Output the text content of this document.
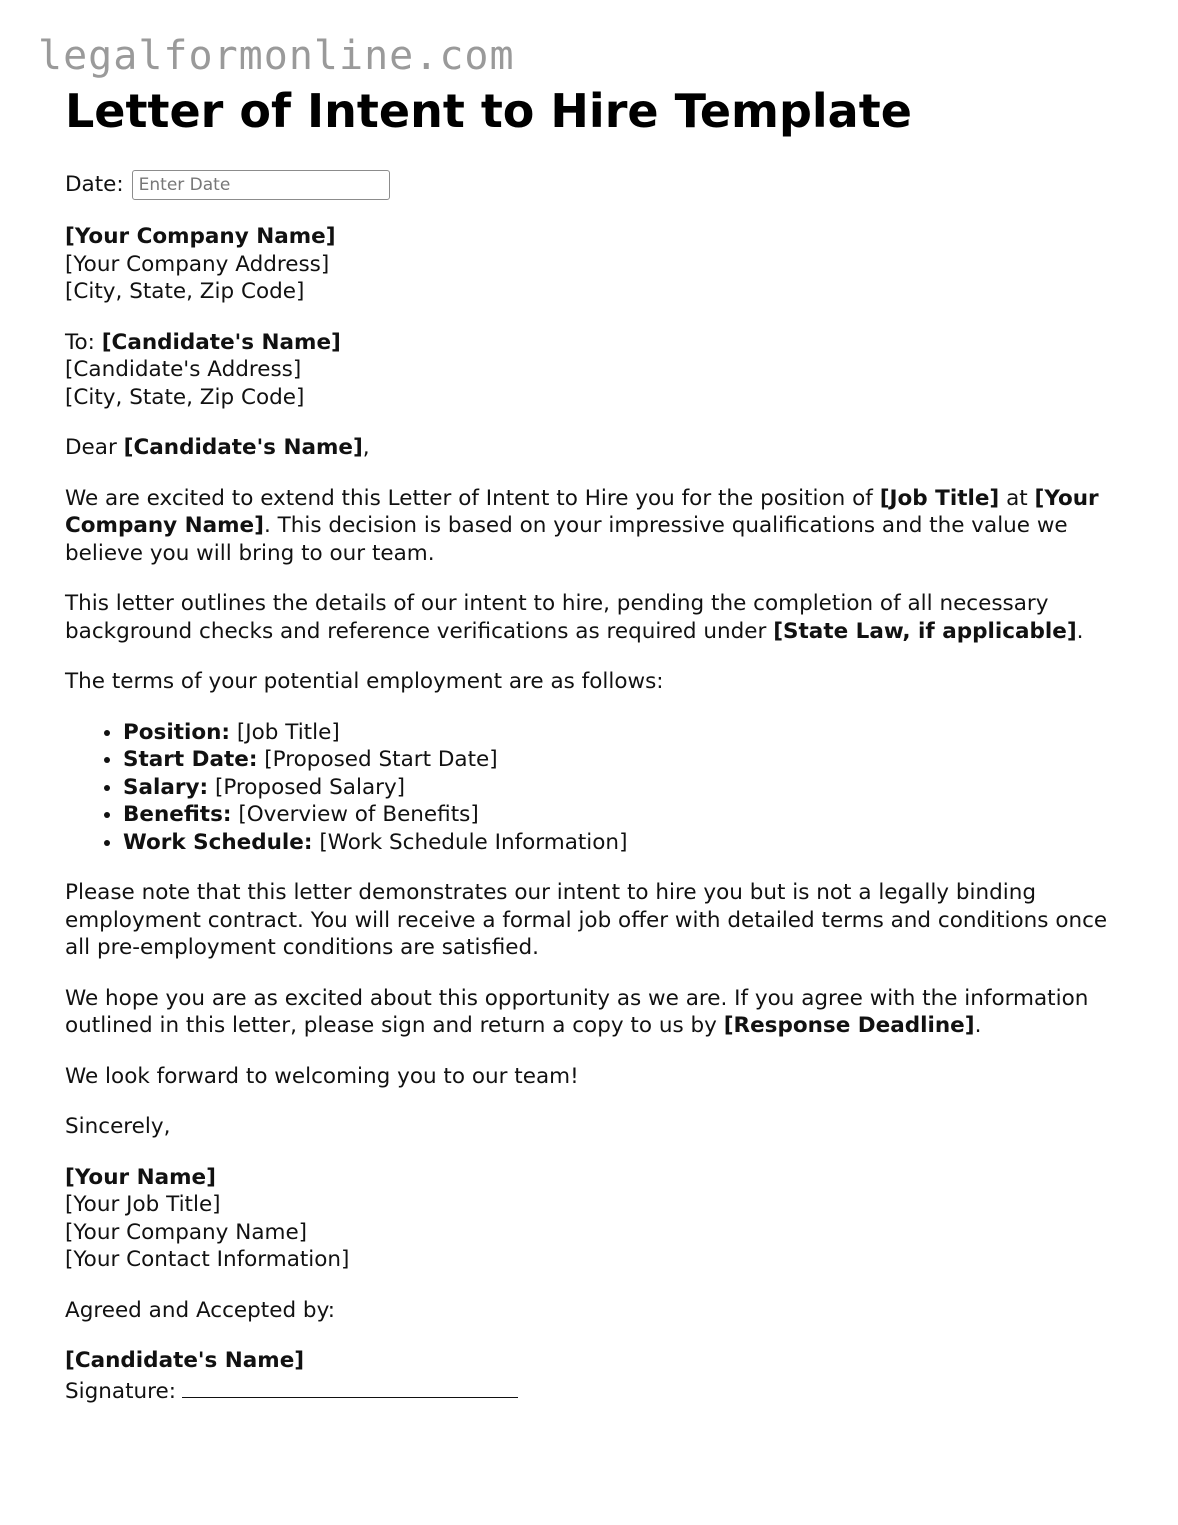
legalformonline.com
Letter of Intent to Hire Template
Date:
Enter Date

[Your Company Name]
[Your Company Address]
[City, State, Zip Code]

To: [Candidate's Name]
[Candidate's Address]
[City, State, Zip Code]

Dear [Candidate's Name],

We are excited to extend this Letter of Intent to Hire you for the position of [Job Title] at [Your Company Name]. This decision is based on your impressive qualifications and the value we believe you will bring to our team.

This letter outlines the details of our intent to hire, pending the completion of all necessary background checks and reference verifications as required under [State Law, if applicable].

The terms of your potential employment are as follows:

• Position: [Job Title]
• Start Date: [Proposed Start Date]
• Salary: [Proposed Salary]
• Benefits: [Overview of Benefits]
• Work Schedule: [Work Schedule Information]

Please note that this letter demonstrates our intent to hire you but is not a legally binding employment contract. You will receive a formal job offer with detailed terms and conditions once all pre-employment conditions are satisfied.

We hope you are as excited about this opportunity as we are. If you agree with the information outlined in this letter, please sign and return a copy to us by [Response Deadline].

We look forward to welcoming you to our team!

Sincerely,

[Your Name]
[Your Job Title]
[Your Company Name]
[Your Contact Information]

Agreed and Accepted by:

[Candidate's Name]
Signature:
